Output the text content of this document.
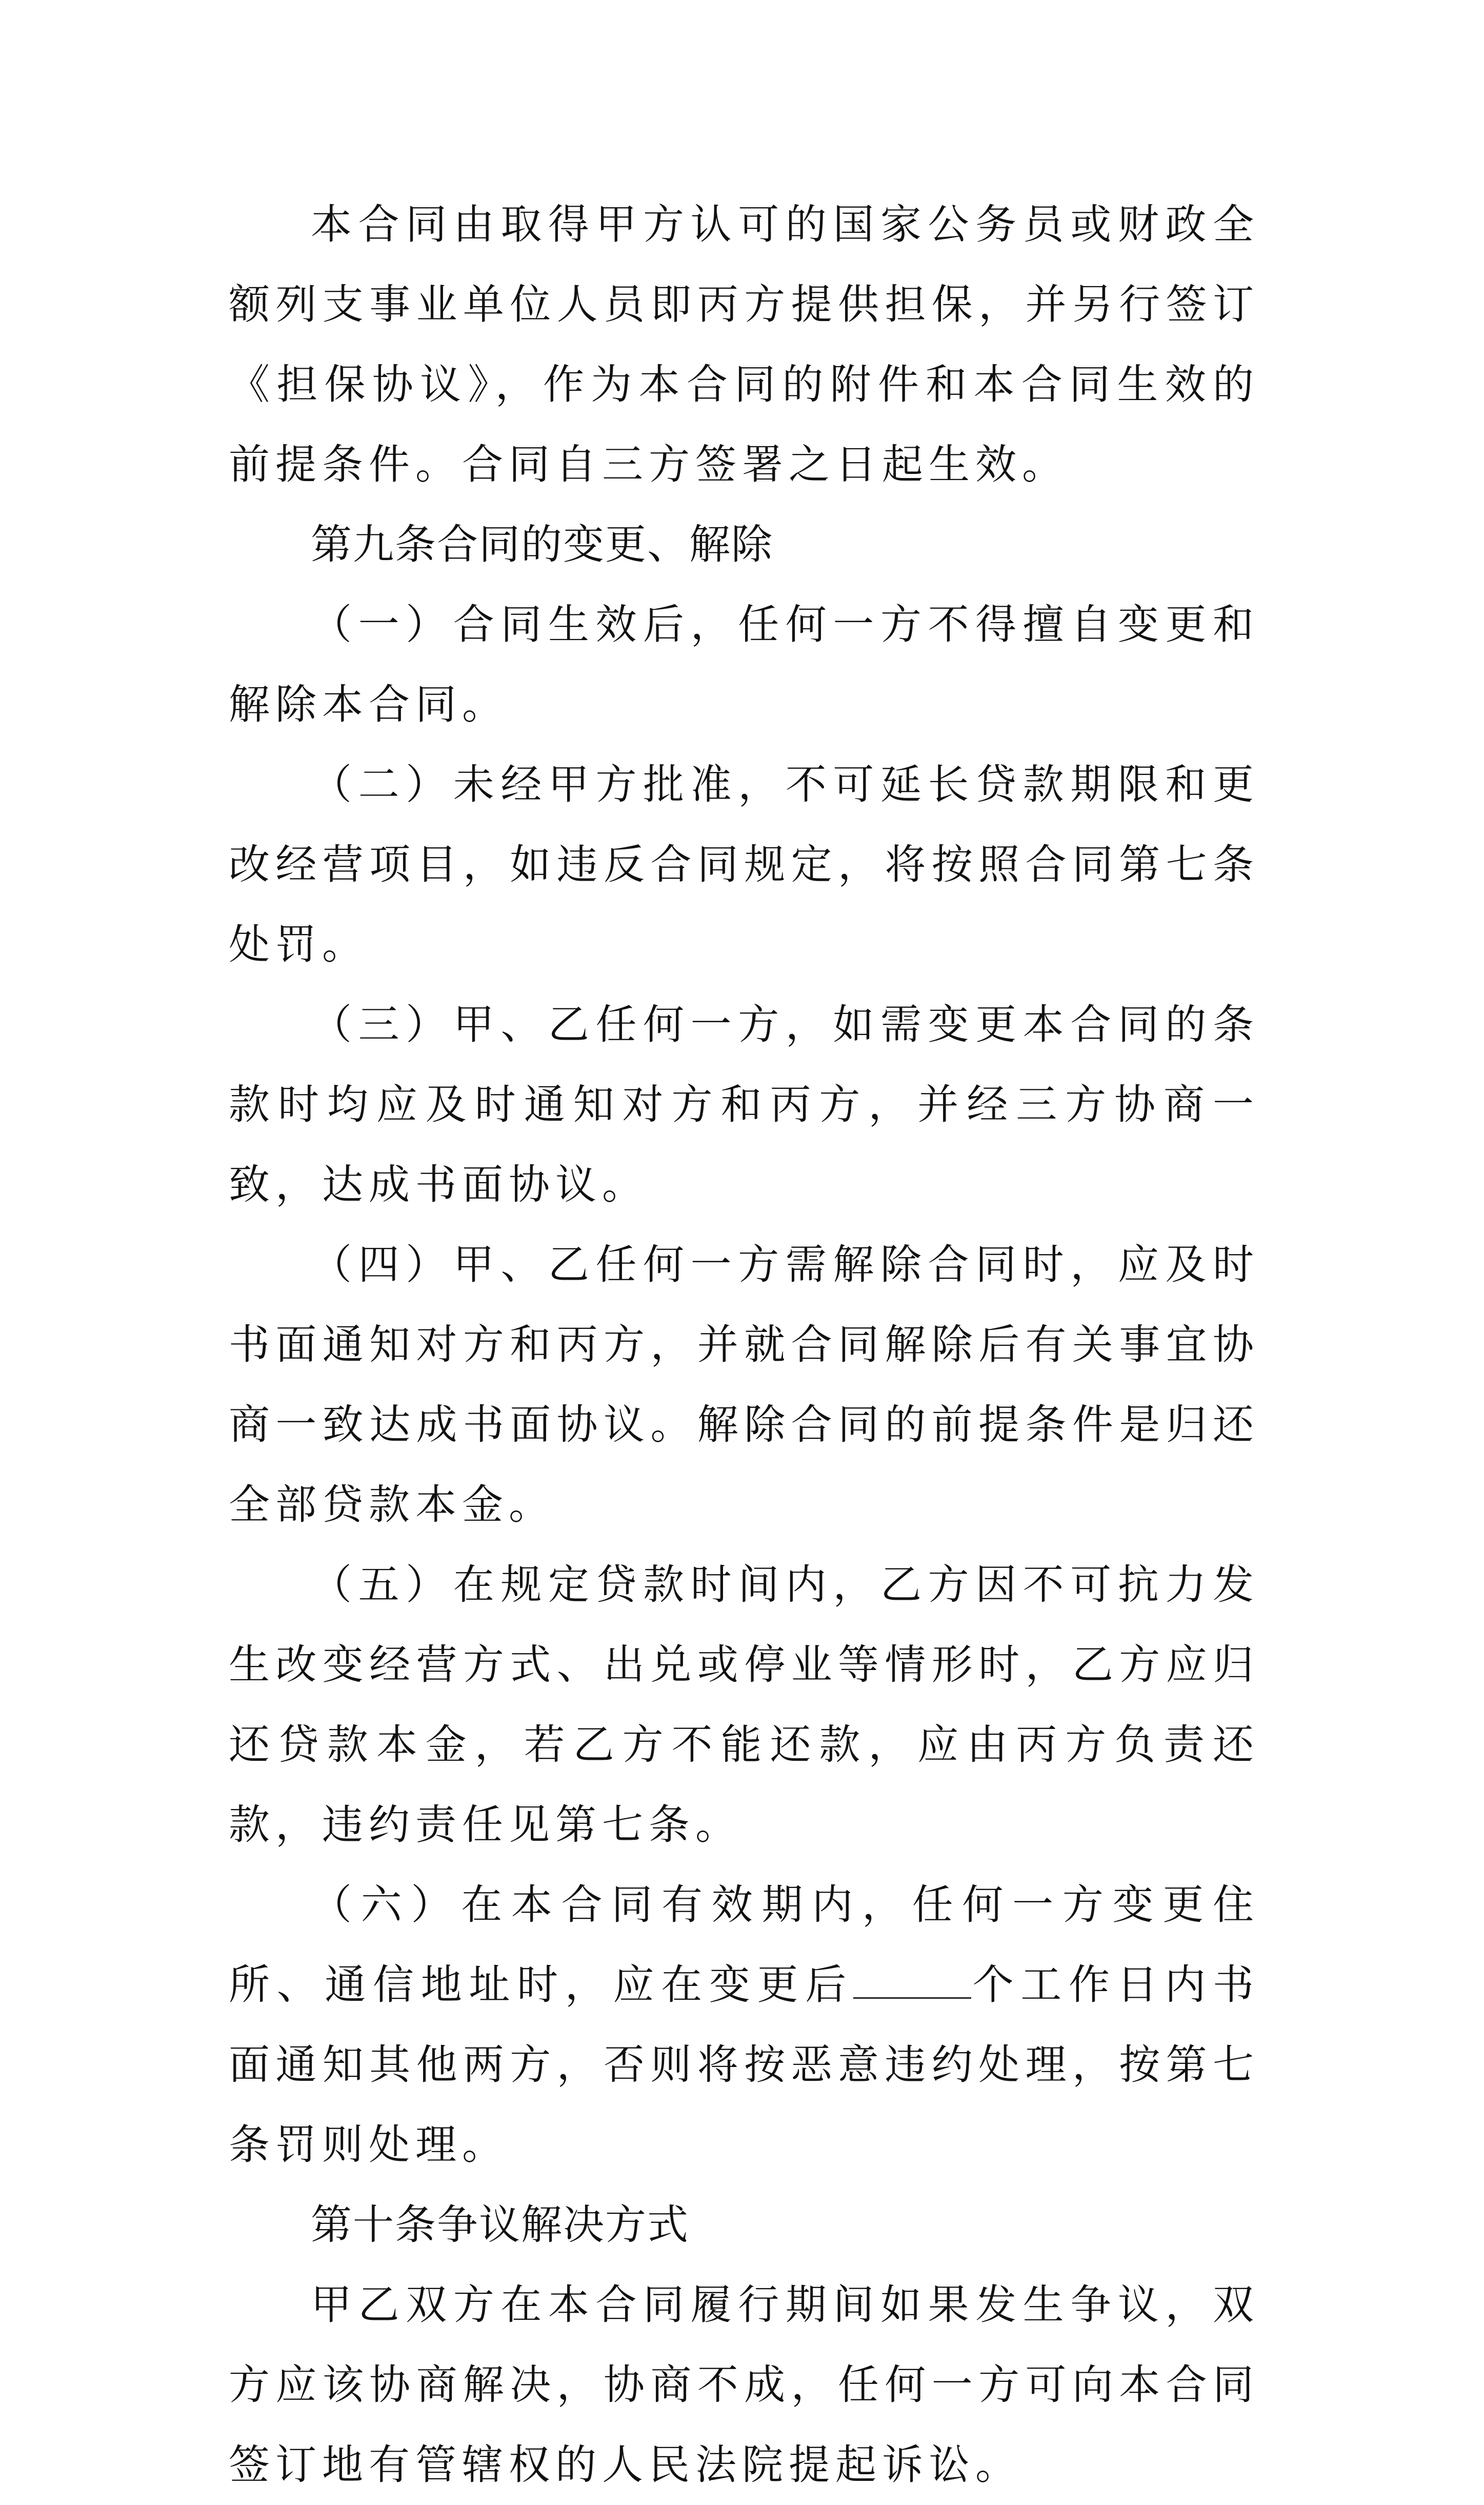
本合同由取得甲方认可的国家公务员或财政全额列支事业单位人员即丙方提供担保，并另行签订《担保协议》，作为本合同的附件和本合同生效的前提条件。合同自三方签署之日起生效。

第九条合同的变更、解除

（一）合同生效后，任何一方不得擅自变更和解除本合同。

（二）未经甲方批准，不可延长贷款期限和更改经营项目，如违反合同规定，将按照合同第七条处罚。

（三）甲、乙任何一方，如需变更本合同的条款时均应及时通知对方和丙方，并经三方协商一致，达成书面协议。

（四）甲、乙任何一方需解除合同时，应及时书面通知对方和丙方，并就合同解除后有关事宜协商一致达成书面协议。解除合同的前提条件是归还全部贷款本金。

（五）在规定贷款时间内，乙方因不可抗力发生改变经营方式、出兑或停业等情形时，乙方应归还贷款本金，若乙方不能还款，应由丙方负责还款，违约责任见第七条。

（六）在本合同有效期内，任何一方变更住所、通信地址时，应在变更后	个工作日内书面通知其他两方，否则将按恶意违约处理，按第七条罚则处理。

第十条争议解决方式

甲乙双方在本合同履行期间如果发生争议，双方应该协商解决，协商不成，任何一方可向本合同签订地有管辖权的人民法院提起诉讼。
